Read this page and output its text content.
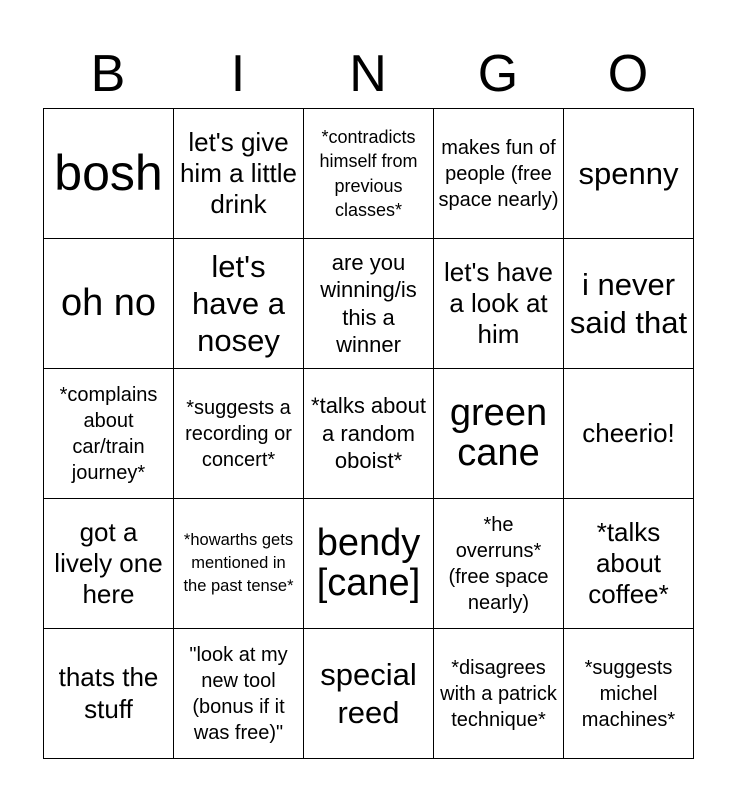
B	I	N	G	O
bosh	let's give him a little drink	*contradicts himself from previous classes*	makes fun of people (free space nearly)	spenny
oh no	let's have a nosey	are you winning/is this a winner	let's have a look at him	i never said that
*complains about car/train journey*	*suggests a recording or concert*	*talks about a random oboist*	green cane	cheerio!
got a lively one here	*howarths gets mentioned in the past tense*	bendy [cane]	*he overruns* (free space nearly)	*talks about coffee*
thats the stuff	"look at my new tool (bonus if it was free)"	special reed	*disagrees with a patrick technique*	*suggests michel machines*
